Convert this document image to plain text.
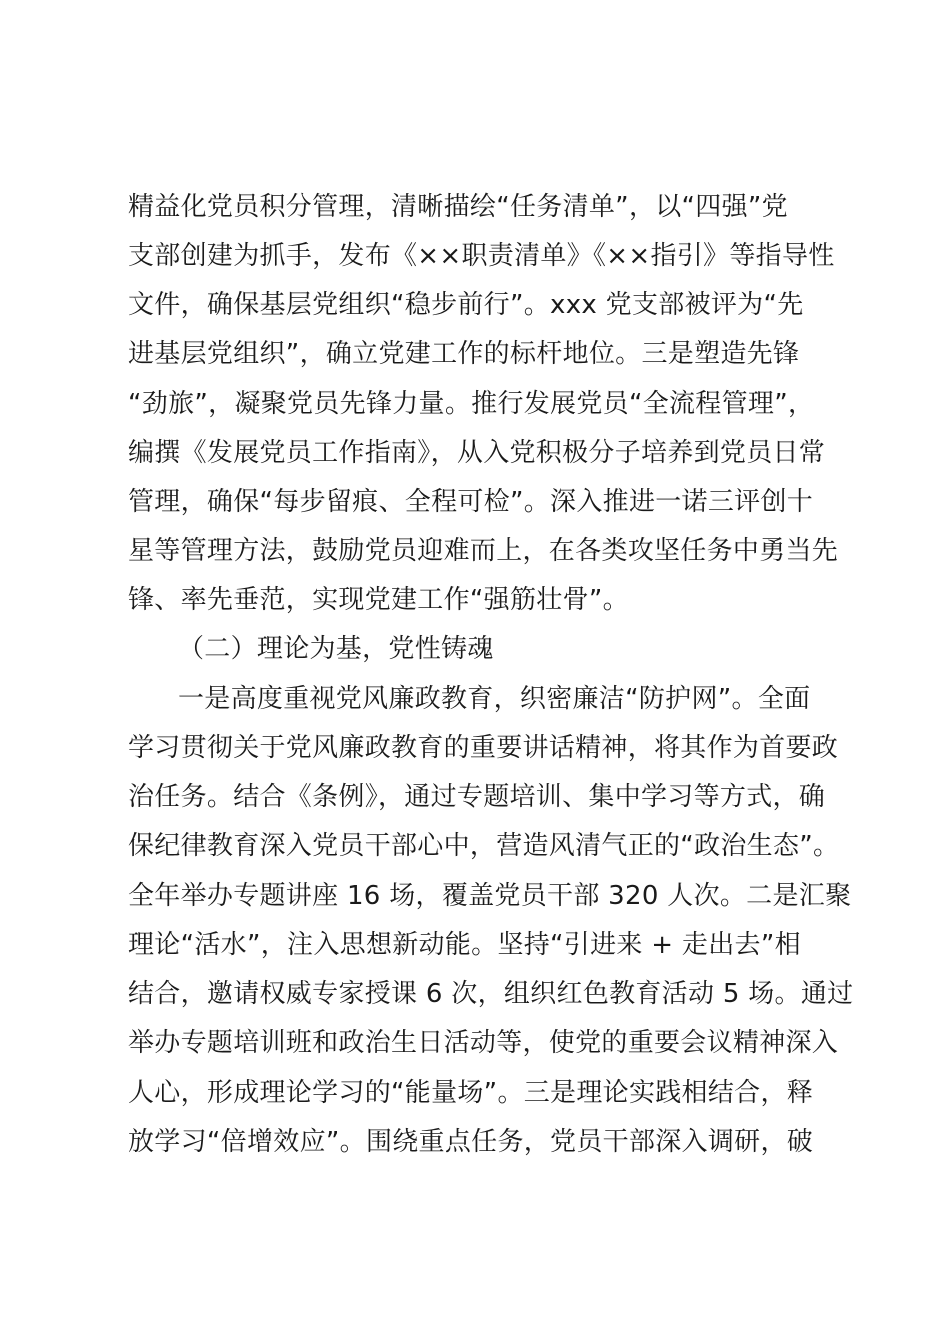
精益化党员积分管理，清晰描绘“任务清单”，以“四强”党
支部创建为抓手，发布《××职责清单》《××指引》等指导性
文件，确保基层党组织“稳步前行”。xxx 党支部被评为“先
进基层党组织”，确立党建工作的标杆地位。三是塑造先锋
“劲旅”，凝聚党员先锋力量。推行发展党员“全流程管理”，
编撰《发展党员工作指南》，从入党积极分子培养到党员日常
管理，确保“每步留痕、全程可检”。深入推进一诺三评创十
星等管理方法，鼓励党员迎难而上，在各类攻坚任务中勇当先
锋、率先垂范，实现党建工作“强筋壮骨”。
（二）理论为基，党性铸魂
一是高度重视党风廉政教育，织密廉洁“防护网”。全面
学习贯彻关于党风廉政教育的重要讲话精神，将其作为首要政
治任务。结合《条例》，通过专题培训、集中学习等方式，确
保纪律教育深入党员干部心中，营造风清气正的“政治生态”。
全年举办专题讲座 16 场，覆盖党员干部 320 人次。二是汇聚
理论“活水”，注入思想新动能。坚持“引进来 + 走出去”相
结合，邀请权威专家授课 6 次，组织红色教育活动 5 场。通过
举办专题培训班和政治生日活动等，使党的重要会议精神深入
人心，形成理论学习的“能量场”。三是理论实践相结合，释
放学习“倍增效应”。围绕重点任务，党员干部深入调研，破
